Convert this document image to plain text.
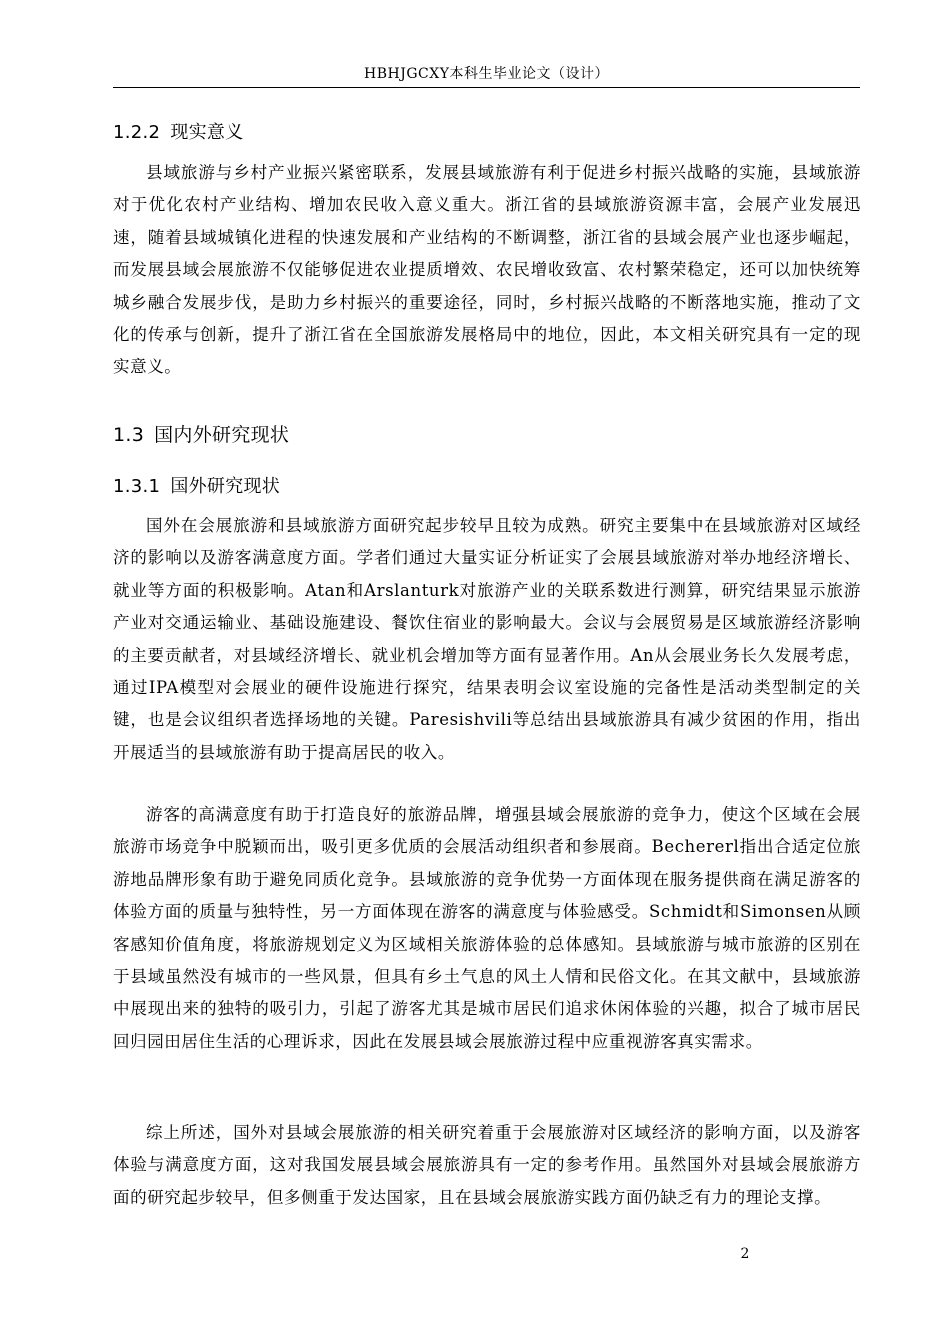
HBHJGCXY本科生毕业论文（设计）
1.2.2 现实意义

县域旅游与乡村产业振兴紧密联系，发展县域旅游有利于促进乡村振兴战略的实施，县域旅游对于优化农村产业结构、增加农民收入意义重大。浙江省的县域旅游资源丰富，会展产业发展迅速，随着县域城镇化进程的快速发展和产业结构的不断调整，浙江省的县域会展产业也逐步崛起，而发展县域会展旅游不仅能够促进农业提质增效、农民增收致富、农村繁荣稳定，还可以加快统筹城乡融合发展步伐，是助力乡村振兴的重要途径，同时，乡村振兴战略的不断落地实施，推动了文化的传承与创新，提升了浙江省在全国旅游发展格局中的地位，因此，本文相关研究具有一定的现实意义。

1.3 国内外研究现状
1.3.1 国外研究现状

国外在会展旅游和县域旅游方面研究起步较早且较为成熟。研究主要集中在县域旅游对区域经济的影响以及游客满意度方面。学者们通过大量实证分析证实了会展县域旅游对举办地经济增长、就业等方面的积极影响。Atan和Arslanturk对旅游产业的关联系数进行测算，研究结果显示旅游产业对交通运输业、基础设施建设、餐饮住宿业的影响最大。会议与会展贸易是区域旅游经济影响的主要贡献者，对县域经济增长、就业机会增加等方面有显著作用。An从会展业务长久发展考虑，通过IPA模型对会展业的硬件设施进行探究，结果表明会议室设施的完备性是活动类型制定的关键，也是会议组织者选择场地的关键。Paresishvili等总结出县域旅游具有减少贫困的作用，指出开展适当的县域旅游有助于提高居民的收入。

游客的高满意度有助于打造良好的旅游品牌，增强县域会展旅游的竞争力，使这个区域在会展旅游市场竞争中脱颖而出，吸引更多优质的会展活动组织者和参展商。Bechererl指出合适定位旅游地品牌形象有助于避免同质化竞争。县域旅游的竞争优势一方面体现在服务提供商在满足游客的体验方面的质量与独特性，另一方面体现在游客的满意度与体验感受。Schmidt和Simonsen从顾客感知价值角度，将旅游规划定义为区域相关旅游体验的总体感知。县域旅游与城市旅游的区别在于县域虽然没有城市的一些风景，但具有乡土气息的风土人情和民俗文化。在其文献中，县域旅游中展现出来的独特的吸引力，引起了游客尤其是城市居民们追求休闲体验的兴趣，拟合了城市居民回归园田居住生活的心理诉求，因此在发展县域会展旅游过程中应重视游客真实需求。

综上所述，国外对县域会展旅游的相关研究着重于会展旅游对区域经济的影响方面，以及游客体验与满意度方面，这对我国发展县域会展旅游具有一定的参考作用。虽然国外对县域会展旅游方面的研究起步较早，但多侧重于发达国家，且在县域会展旅游实践方面仍缺乏有力的理论支撑。

2
